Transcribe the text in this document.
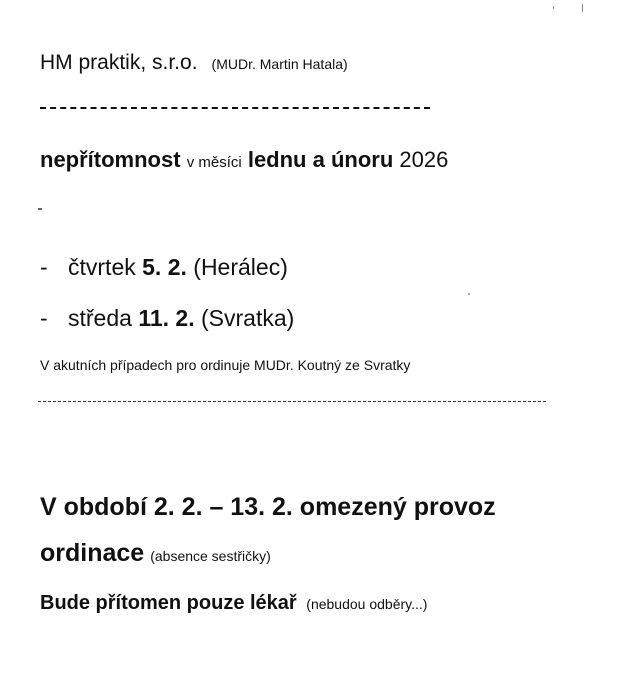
HM praktik, s.r.o. (MUDr. Martin Hatala)
nepřítomnost v měsíci lednu a únoru 2026
- čtvrtek 5. 2. (Herálec)
- středa 11. 2. (Svratka)
V akutních případech pro ordinuje MUDr. Koutný ze Svratky
V období 2. 2. – 13. 2. omezený provoz
ordinace (absence sestřičky)
Bude přítomen pouze lékař (nebudou odběry...)
